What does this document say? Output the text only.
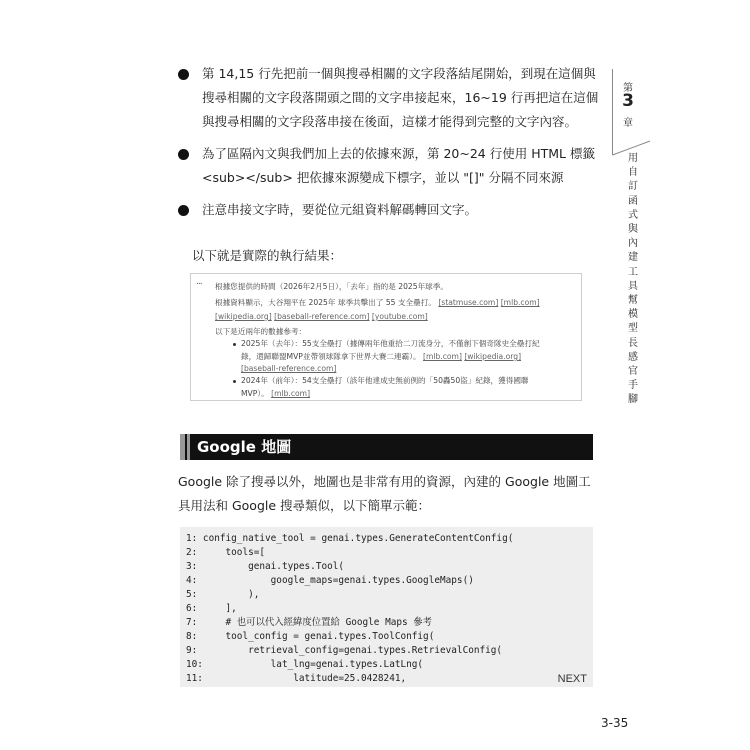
第 14,15 行先把前一個與搜尋相關的文字段落結尾開始，到現在這個與搜尋相關的文字段落開頭之間的文字串接起來，16~19 行再把這在這個與搜尋相關的文字段落串接在後面，這樣才能得到完整的文字內容。
為了區隔內文與我們加上去的依據來源，第 20~24 行使用 HTML 標籤 <sub></sub> 把依據來源變成下標字，並以 "[]" 分隔不同來源
注意串接文字時，要從位元組資料解碼轉回文字。
以下就是實際的執行結果：
... 根據您提供的時間（2026年2月5日），「去年」指的是 2025年球季。
根據資料顯示，大谷翔平在 2025年 球季共擊出了 55 支全壘打。 [statmuse.com] [mlb.com]
[wikipedia.org] [baseball-reference.com] [youtube.com]
以下是近兩年的數據參考：
2025年（去年）：55支全壘打（據傳兩年他重拾二刀流身分，不僅創下個奇隊史全壘打紀
錄，還歸聯盟MVP並帶領球隊拿下世界大賽二連霸）。 [mlb.com] [wikipedia.org]
[baseball-reference.com]
2024年（前年）：54支全壘打（該年他達成史無前例的「50轟50盜」紀錄，獲得國聯
MVP）。 [mlb.com]
第
3
章
用自訂函式與內建工具幫模型長感官手腳
Google 地圖
Google 除了搜尋以外，地圖也是非常有用的資源，內建的 Google 地圖工具用法和 Google 搜尋類似，以下簡單示範：
1: config_native_tool = genai.types.GenerateContentConfig(
2:     tools=[
3:         genai.types.Tool(
4:             google_maps=genai.types.GoogleMaps()
5:         ),
6:     ],
7:     # 也可以代入經緯度位置給 Google Maps 參考
8:     tool_config = genai.types.ToolConfig(
9:         retrieval_config=genai.types.RetrievalConfig(
10:            lat_lng=genai.types.LatLng(
11:                latitude=25.0428241,	NEXT
3-35
